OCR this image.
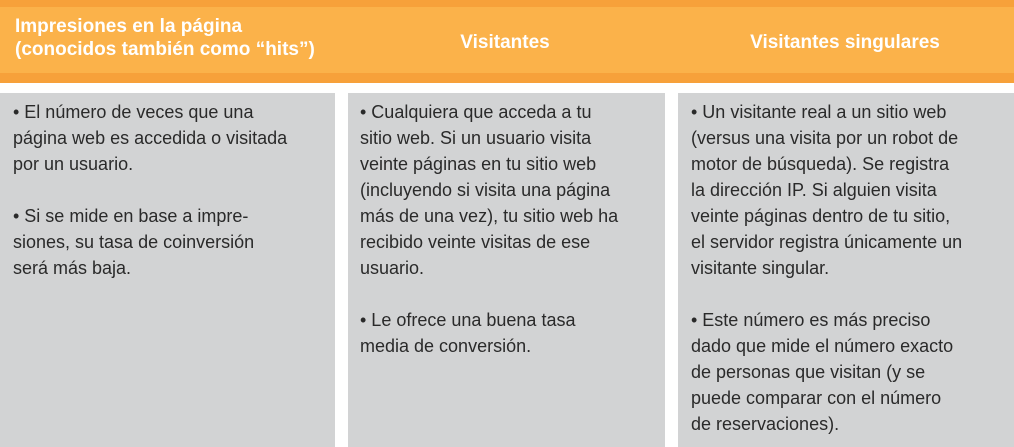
Impresiones en la página
(conocidos también como “hits”)	Visitantes	Visitantes singulares
• El número de veces que una
página web es accedida o visitada
por un usuario.
• Si se mide en base a impre-
siones, su tasa de coinversión
será más baja.
• Cualquiera que acceda a tu
sitio web. Si un usuario visita
veinte páginas en tu sitio web
(incluyendo si visita una página
más de una vez), tu sitio web ha
recibido veinte visitas de ese
usuario.
• Le ofrece una buena tasa
media de conversión.
• Un visitante real a un sitio web
(versus una visita por un robot de
motor de búsqueda). Se registra
la dirección IP. Si alguien visita
veinte páginas dentro de tu sitio,
el servidor registra únicamente un
visitante singular.
• Este número es más preciso
dado que mide el número exacto
de personas que visitan (y se
puede comparar con el número
de reservaciones).
